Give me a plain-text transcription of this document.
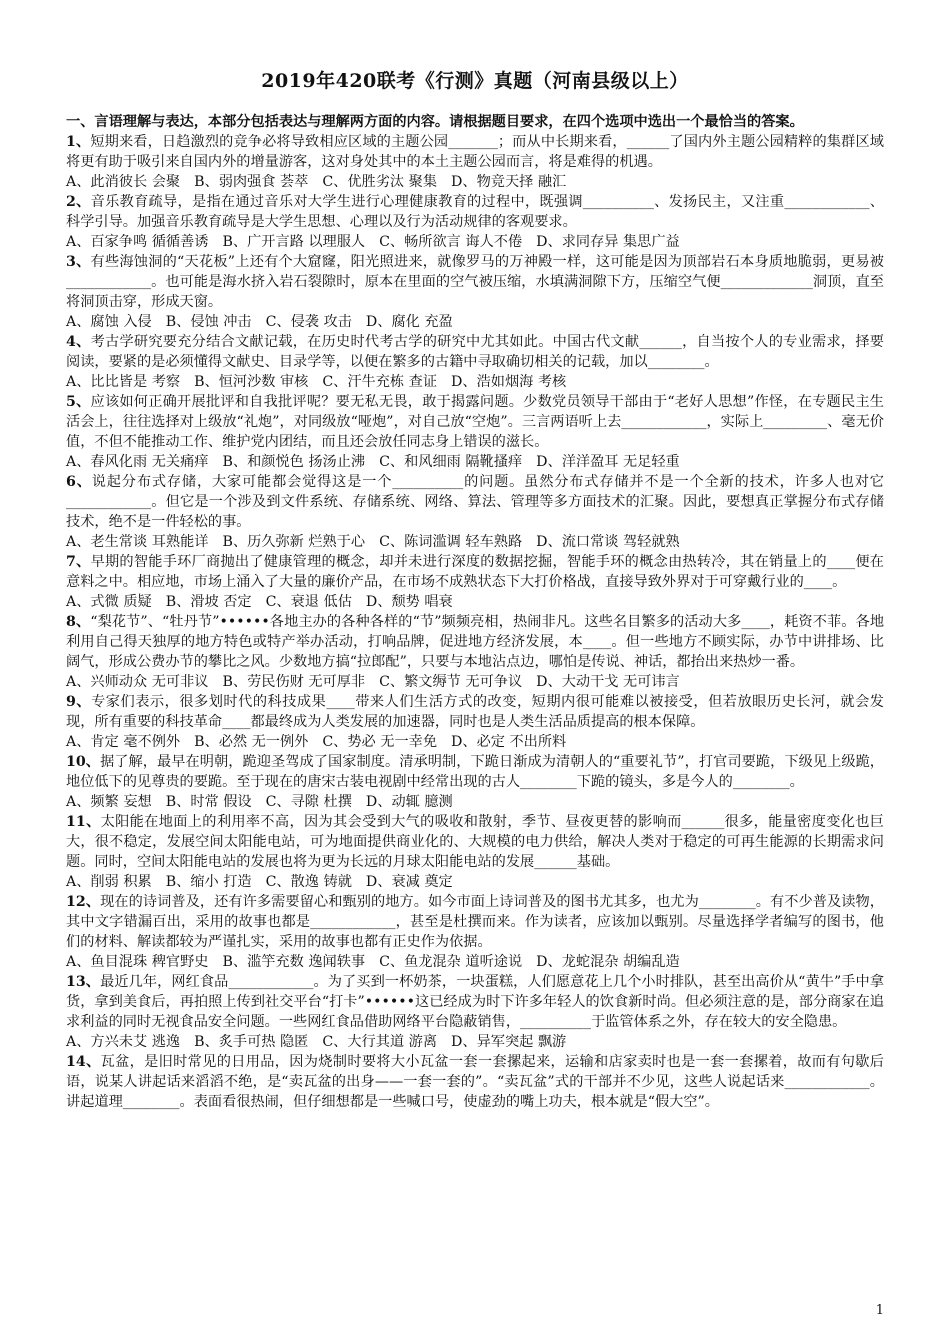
2019年420联考《行测》真题（河南县级以上）

一、言语理解与表达，本部分包括表达与理解两方面的内容。请根据题目要求，在四个选项中选出一个最恰当的答案。

1、短期来看，日趋激烈的竞争必将导致相应区域的主题公园_______；而从中长期来看，______了国内外主题公园精粹的集群区域将更有助于吸引来自国内外的增量游客，这对身处其中的本土主题公园而言，将是难得的机遇。

A、此消彼长 会聚 B、弱肉强食 荟萃 C、优胜劣汰 聚集 D、物竞天择 融汇

2、音乐教育疏导，是指在通过音乐对大学生进行心理健康教育的过程中，既强调__________、发扬民主，又注重____________、科学引导。加强音乐教育疏导是大学生思想、心理以及行为活动规律的客观要求。

A、百家争鸣 循循善诱 B、广开言路 以理服人 C、畅所欲言 诲人不倦 D、求同存异 集思广益

3、有些海蚀洞的“天花板”上还有个大窟窿，阳光照进来，就像罗马的万神殿一样，这可能是因为顶部岩石本身质地脆弱，更易被____________。也可能是海水挤入岩石裂隙时，原本在里面的空气被压缩，水填满洞隙下方，压缩空气便_____________洞顶，直至将洞顶击穿，形成天窗。

A、腐蚀 入侵 B、侵蚀 冲击 C、侵袭 攻击 D、腐化 充盈

4、考古学研究要充分结合文献记载，在历史时代考古学的研究中尤其如此。中国古代文献______，自当按个人的专业需求，择要阅读，要紧的是必须懂得文献史、目录学等，以便在繁多的古籍中寻取确切相关的记载，加以________。

A、比比皆是 考察 B、恒河沙数 审核 C、汗牛充栋 查证 D、浩如烟海 考核

5、应该如何正确开展批评和自我批评呢？要无私无畏，敢于揭露问题。少数党员领导干部由于“老好人思想”作怪，在专题民主生活会上，往往选择对上级放“礼炮”，对同级放“哑炮”，对自己放“空炮”。三言两语听上去____________，实际上_________、毫无价值，不但不能推动工作、维护党内团结，而且还会放任同志身上错误的滋长。

A、春风化雨 无关痛痒 B、和颜悦色 扬汤止沸 C、和风细雨 隔靴搔痒 D、洋洋盈耳 无足轻重

6、说起分布式存储，大家可能都会觉得这是一个__________的问题。虽然分布式存储并不是一个全新的技术，许多人也对它____________。但它是一个涉及到文件系统、存储系统、网络、算法、管理等多方面技术的汇聚。因此，要想真正掌握分布式存储技术，绝不是一件轻松的事。

A、老生常谈 耳熟能详 B、历久弥新 烂熟于心 C、陈词滥调 轻车熟路 D、流口常谈 驾轻就熟

7、早期的智能手环厂商抛出了健康管理的概念，却并未进行深度的数据挖掘，智能手环的概念由热转冷，其在销量上的____便在意料之中。相应地，市场上涌入了大量的廉价产品，在市场不成熟状态下大打价格战，直接导致外界对于可穿戴行业的____。

A、式微 质疑 B、滑坡 否定 C、衰退 低估 D、颓势 唱衰

8、“梨花节”、“牡丹节”••••••各地主办的各种各样的“节”频频亮相，热闹非凡。这些名目繁多的活动大多____，耗资不菲。各地利用自己得天独厚的地方特色或特产举办活动，打响品牌，促进地方经济发展，本____。但一些地方不顾实际，办节中讲排场、比阔气，形成公费办节的攀比之风。少数地方搞“拉郎配”，只要与本地沾点边，哪怕是传说、神话，都抬出来热炒一番。

A、兴师动众 无可非议 B、劳民伤财 无可厚非 C、繁文缛节 无可争议 D、大动干戈 无可讳言

9、专家们表示，很多划时代的科技成果____带来人们生活方式的改变，短期内很可能难以被接受，但若放眼历史长河，就会发现，所有重要的科技革命____都最终成为人类发展的加速器，同时也是人类生活品质提高的根本保障。

A、肯定 毫不例外 B、必然 无一例外 C、势必 无一幸免 D、必定 不出所料

10、据了解，最早在明朝，跪迎圣驾成了国家制度。清承明制，下跪日渐成为清朝人的“重要礼节”，打官司要跪，下级见上级跪，地位低下的见尊贵的要跪。至于现在的唐宋古装电视剧中经常出现的古人________下跪的镜头，多是今人的________。

A、频繁 妄想 B、时常 假设 C、寻隙 杜撰 D、动辄 臆测

11、太阳能在地面上的利用率不高，因为其会受到大气的吸收和散射，季节、昼夜更替的影响而______很多，能量密度变化也巨大，很不稳定，发展空间太阳能电站，可为地面提供商业化的、大规模的电力供给，解决人类对于稳定的可再生能源的长期需求问题。同时，空间太阳能电站的发展也将为更为长远的月球太阳能电站的发展______基础。

A、削弱 积累 B、缩小 打造 C、散逸 铸就 D、衰减 奠定

12、现在的诗词普及，还有许多需要留心和甄别的地方。如今市面上诗词普及的图书尤其多，也尤为________。有不少普及读物，其中文字错漏百出，采用的故事也都是____________，甚至是杜撰而来。作为读者，应该加以甄别。尽量选择学者编写的图书，他们的材料、解读都较为严谨扎实，采用的故事也都有正史作为依据。

A、鱼目混珠 稗官野史 B、滥竽充数 逸闻轶事 C、鱼龙混杂 道听途说 D、龙蛇混杂 胡编乱造

13、最近几年，网红食品____________。为了买到一杯奶茶，一块蛋糕，人们愿意花上几个小时排队，甚至出高价从“黄牛”手中拿货，拿到美食后，再拍照上传到社交平台“打卡”••••••这已经成为时下许多年轻人的饮食新时尚。但必须注意的是，部分商家在追求利益的同时无视食品安全问题。一些网红食品借助网络平台隐蔽销售，__________于监管体系之外，存在较大的安全隐患。

A、方兴未艾 逃逸 B、炙手可热 隐匿 C、大行其道 游离 D、异军突起 飘游

14、瓦盆，是旧时常见的日用品，因为烧制时要将大小瓦盆一套一套摞起来，运输和店家卖时也是一套一套摞着，故而有句歇后语，说某人讲起话来滔滔不绝，是“卖瓦盆的出身——一套一套的”。“卖瓦盆”式的干部并不少见，这些人说起话来____________。讲起道理________。表面看很热闹，但仔细想都是一些喊口号，使虚劲的嘴上功夫，根本就是“假大空”。

1
